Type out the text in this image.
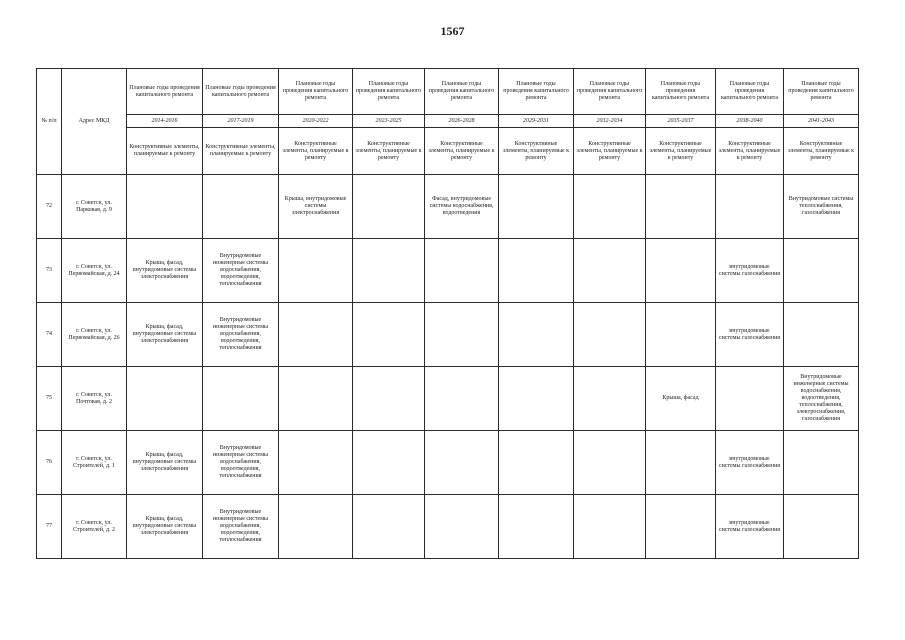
1567
№ п/п	Адрес МКД	Плановые годы проведения капитального ремонта	Плановые годы проведения капитального ремонта	Плановые годы проведения капитального ремонта	Плановые годы проведения капитального ремонта	Плановые годы проведения капитального ремонта	Плановые годы проведения капитального ремонта	Плановые годы проведения капитального ремонта	Плановые годы проведения капитального ремонта	Плановые годы проведения капитального ремонта	Плановые годы проведения капитального ремонта
		2014-2016	2017-2019	2020-2022	2023-2025	2026-2028	2029-2031	2032-2034	2035-2037	2038-2040	2041-2043
		Конструктивные элементы, планируемые к ремонту	Конструктивные элементы, планируемые к ремонту	Конструктивные элементы, планируемые к ремонту	Конструктивные элементы, планируемые к ремонту	Конструктивные элементы, планируемые к ремонту	Конструктивные элементы, планируемые к ремонту	Конструктивные элементы, планируемые к ремонту	Конструктивные элементы, планируемые к ремонту	Конструктивные элементы, планируемые к ремонту	Конструктивные элементы, планируемые к ремонту
72	г. Советск, ул. Парковая, д. 9			Крыша, внутридомовые системы электроснабжения		Фасад, внутридомовые системы водоснабжения, водоотведения					Внутридомовые системы теплоснабжения, газоснабжения
73	г. Советск, ул. Первомайская, д. 24	Крыша, фасад, внутридомовые системы электроснабжения	Внутридомовые инженерные системы водоснабжения, водоотведения, теплоснабжения							внутридомовые системы газоснабжения	
74	г. Советск, ул. Первомайская, д. 26	Крыша, фасад, внутридомовые системы электроснабжения	Внутридомовые инженерные системы водоснабжения, водоотведения, теплоснабжения							внутридомовые системы газоснабжения	
75	г. Советск, ул. Почтовая, д. 2								Крыша, фасад		Внутридомовые инженерные системы водоснабжения, водоотведения, теплоснабжения, электроснабжения, газоснабжения
76	г. Советск, ул. Строителей, д. 1	Крыша, фасад, внутридомовые системы электроснабжения	Внутридомовые инженерные системы водоснабжения, водоотведения, теплоснабжения							внутридомовые системы газоснабжения	
77	г. Советск, ул. Строителей, д. 2	Крыша, фасад, внутридомовые системы электроснабжения	Внутридомовые инженерные системы водоснабжения, водоотведения, теплоснабжения							внутридомовые системы газоснабжения	
